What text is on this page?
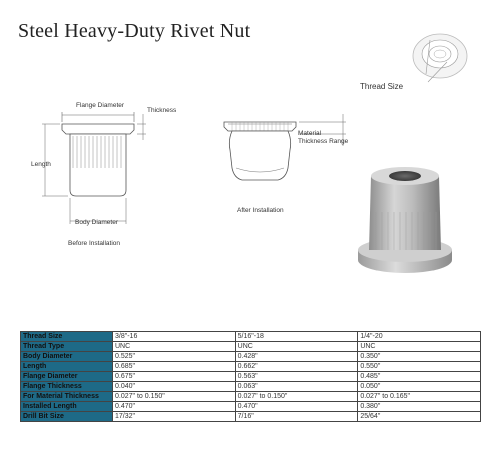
Steel Heavy-Duty Rivet Nut
Flange Diameter
Thickness
Length
Body Diameter
Before Installation
Material
Thickness Range
After Installation
Thread Size
Thread Size	3/8"-16	5/16"-18	1/4"-20
Thread Type	UNC	UNC	UNC
Body Diameter	0.525"	0.428"	0.350"
Length	0.685"	0.662"	0.550"
Flange Diameter	0.675"	0.563"	0.485"
Flange Thickness	0.040"	0.063"	0.050"
For Material Thickness	0.027" to 0.150"	0.027" to 0.150"	0.027" to 0.165"
Installed Length	0.470"	0.470"	0.380"
Drill Bit Size	17/32"	7/16"	25/64"
